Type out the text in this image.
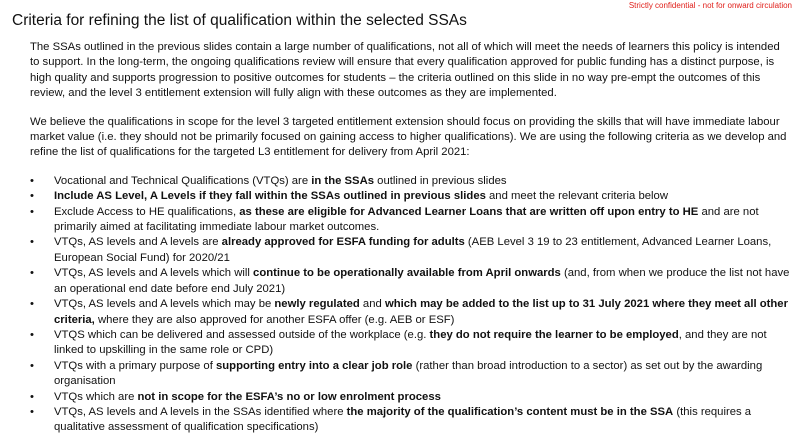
Strictly confidential - not for onward circulation
Criteria for refining the list of qualification within the selected SSAs

The SSAs outlined in the previous slides contain a large number of qualifications, not all of which will meet the needs of learners this policy is intended to support. In the long-term, the ongoing qualifications review will ensure that every qualification approved for public funding has a distinct purpose, is high quality and supports progression to positive outcomes for students – the criteria outlined on this slide in no way pre-empt the outcomes of this review, and the level 3 entitlement extension will fully align with these outcomes as they are implemented.

We believe the qualifications in scope for the level 3 targeted entitlement extension should focus on providing the skills that will have immediate labour market value (i.e. they should not be primarily focused on gaining access to higher qualifications). We are using the following criteria as we develop and refine the list of qualifications for the targeted L3 entitlement for delivery from April 2021:

• Vocational and Technical Qualifications (VTQs) are in the SSAs outlined in previous slides
• Include AS Level, A Levels if they fall within the SSAs outlined in previous slides and meet the relevant criteria below
• Exclude Access to HE qualifications, as these are eligible for Advanced Learner Loans that are written off upon entry to HE and are not primarily aimed at facilitating immediate labour market outcomes.
• VTQs, AS levels and A levels are already approved for ESFA funding for adults (AEB Level 3 19 to 23 entitlement, Advanced Learner Loans, European Social Fund) for 2020/21
• VTQs, AS levels and A levels which will continue to be operationally available from April onwards (and, from when we produce the list not have an operational end date before end July 2021)
• VTQs, AS levels and A levels which may be newly regulated and which may be added to the list up to 31 July 2021 where they meet all other criteria, where they are also approved for another ESFA offer (e.g. AEB or ESF)
• VTQS which can be delivered and assessed outside of the workplace (e.g. they do not require the learner to be employed, and they are not linked to upskilling in the same role or CPD)
• VTQs with a primary purpose of supporting entry into a clear job role (rather than broad introduction to a sector) as set out by the awarding organisation
• VTQs which are not in scope for the ESFA’s no or low enrolment process
• VTQs, AS levels and A levels in the SSAs identified where the majority of the qualification’s content must be in the SSA (this requires a qualitative assessment of qualification specifications)
